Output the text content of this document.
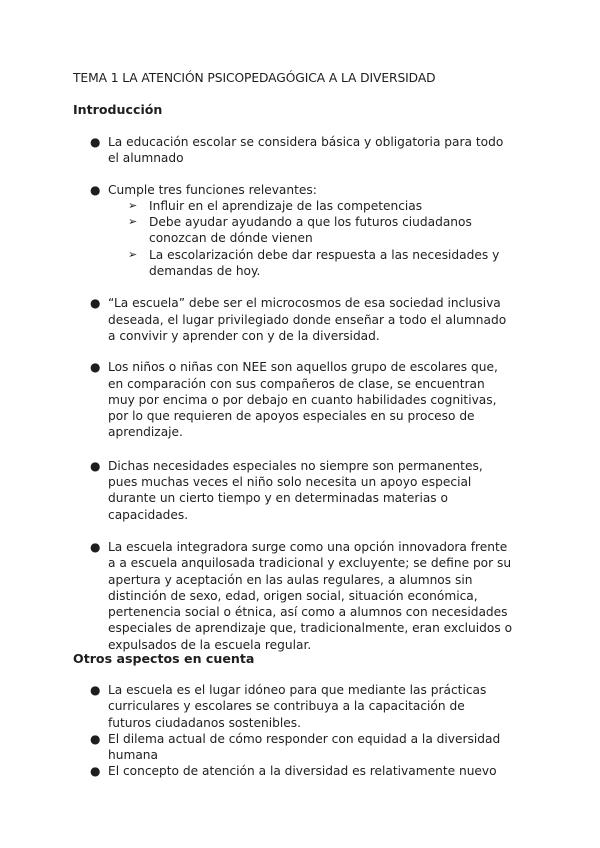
TEMA 1 LA ATENCIÓN PSICOPEDAGÓGICA A LA DIVERSIDAD
Introducción
● La educación escolar se considera básica y obligatoria para todo
el alumnado
● Cumple tres funciones relevantes:
➢ Influir en el aprendizaje de las competencias
➢ Debe ayudar ayudando a que los futuros ciudadanos
conozcan de dónde vienen
➢ La escolarización debe dar respuesta a las necesidades y
demandas de hoy.
● “La escuela” debe ser el microcosmos de esa sociedad inclusiva
deseada, el lugar privilegiado donde enseñar a todo el alumnado
a convivir y aprender con y de la diversidad.
● Los niños o niñas con NEE son aquellos grupo de escolares que,
en comparación con sus compañeros de clase, se encuentran
muy por encima o por debajo en cuanto habilidades cognitivas,
por lo que requieren de apoyos especiales en su proceso de
aprendizaje.
● Dichas necesidades especiales no siempre son permanentes,
pues muchas veces el niño solo necesita un apoyo especial
durante un cierto tiempo y en determinadas materias o
capacidades.
● La escuela integradora surge como una opción innovadora frente
a a escuela anquilosada tradicional y excluyente; se define por su
apertura y aceptación en las aulas regulares, a alumnos sin
distinción de sexo, edad, origen social, situación económica,
pertenencia social o étnica, así como a alumnos con necesidades
especiales de aprendizaje que, tradicionalmente, eran excluidos o
expulsados de la escuela regular.
Otros aspectos en cuenta
● La escuela es el lugar idóneo para que mediante las prácticas
curriculares y escolares se contribuya a la capacitación de
futuros ciudadanos sostenibles.
● El dilema actual de cómo responder con equidad a la diversidad
humana
● El concepto de atención a la diversidad es relativamente nuevo
